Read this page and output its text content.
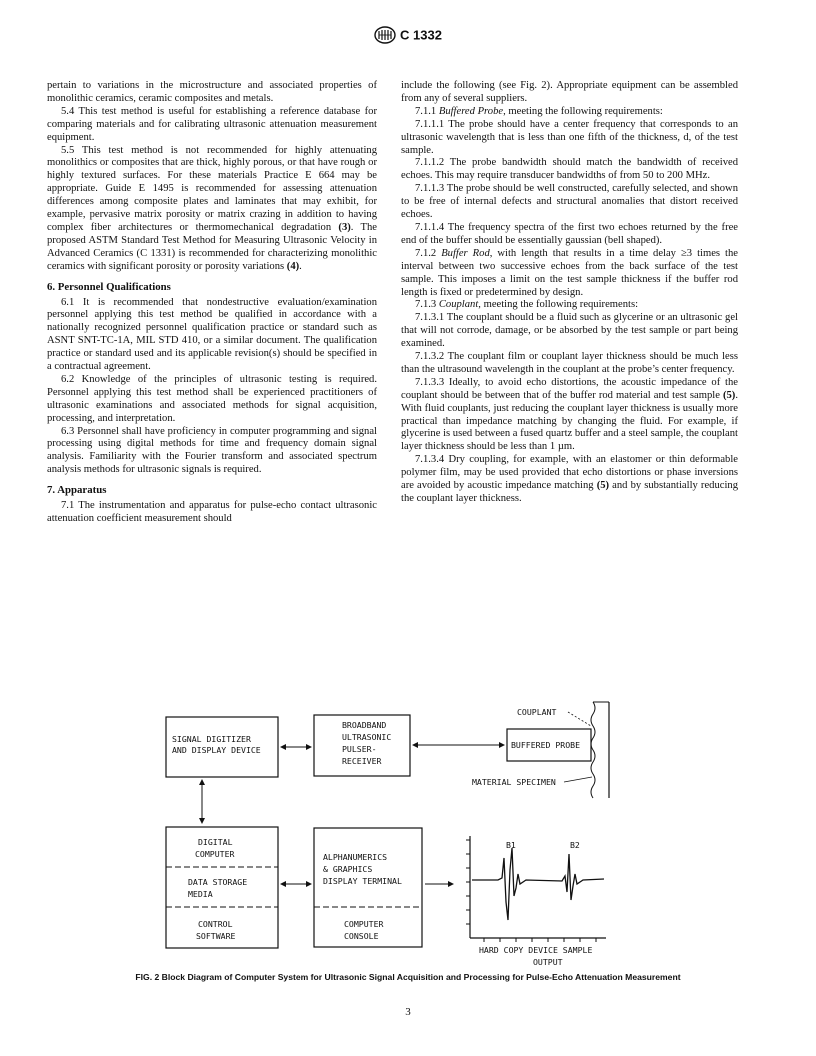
C 1332

pertain to variations in the microstructure and associated properties of monolithic ceramics, ceramic composites and metals.

5.4 This test method is useful for establishing a reference database for comparing materials and for calibrating ultrasonic attenuation measurement equipment.

5.5 This test method is not recommended for highly attenuating monolithics or composites that are thick, highly porous, or that have rough or highly textured surfaces. For these materials Practice E 664 may be appropriate. Guide E 1495 is recommended for assessing attenuation differences among composite plates and laminates that may exhibit, for example, pervasive matrix porosity or matrix crazing in addition to having complex fiber architectures or thermomechanical degradation (3). The proposed ASTM Standard Test Method for Measuring Ultrasonic Velocity in Advanced Ceramics (C 1331) is recommended for characterizing monolithic ceramics with significant porosity or porosity variations (4).

6. Personnel Qualifications

6.1 It is recommended that nondestructive evaluation/examination personnel applying this test method be qualified in accordance with a nationally recognized personnel qualification practice or standard such as ASNT SNT-TC-1A, MIL STD 410, or a similar document. The qualification practice or standard used and its applicable revision(s) should be specified in a contractual agreement.

6.2 Knowledge of the principles of ultrasonic testing is required. Personnel applying this test method shall be experienced practitioners of ultrasonic examinations and associated methods for signal acquisition, processing, and interpretation.

6.3 Personnel shall have proficiency in computer programming and signal processing using digital methods for time and frequency domain signal analysis. Familiarity with the Fourier transform and associated spectrum analysis methods for ultrasonic signals is required.

7. Apparatus

7.1 The instrumentation and apparatus for pulse-echo contact ultrasonic attenuation coefficient measurement should

include the following (see Fig. 2). Appropriate equipment can be assembled from any of several suppliers.

7.1.1 Buffered Probe, meeting the following requirements:

7.1.1.1 The probe should have a center frequency that corresponds to an ultrasonic wavelength that is less than one fifth of the thickness, d, of the test sample.

7.1.1.2 The probe bandwidth should match the bandwidth of received echoes. This may require transducer bandwidths of from 50 to 200 MHz.

7.1.1.3 The probe should be well constructed, carefully selected, and shown to be free of internal defects and structural anomalies that distort received echoes.

7.1.1.4 The frequency spectra of the first two echoes returned by the free end of the buffer should be essentially gaussian (bell shaped).

7.1.2 Buffer Rod, with length that results in a time delay ≥3 times the interval between two successive echoes from the back surface of the test sample. This imposes a limit on the test sample thickness if the buffer rod length is fixed or predetermined by design.

7.1.3 Couplant, meeting the following requirements:

7.1.3.1 The couplant should be a fluid such as glycerine or an ultrasonic gel that will not corrode, damage, or be absorbed by the test sample or part being examined.

7.1.3.2 The couplant film or couplant layer thickness should be much less than the ultrasound wavelength in the couplant at the probe’s center frequency.

7.1.3.3 Ideally, to avoid echo distortions, the acoustic impedance of the couplant should be between that of the buffer rod material and test sample (5). With fluid couplants, just reducing the couplant layer thickness is usually more practical than impedance matching by changing the fluid. For example, if glycerine is used between a fused quartz buffer and a steel sample, the couplant layer thickness should be less than 1 µm.

7.1.3.4 Dry coupling, for example, with an elastomer or thin deformable polymer film, may be used provided that echo distortions or phase inversions are avoided by acoustic impedance matching (5) and by substantially reducing the couplant layer thickness.

SIGNAL DIGITIZER
AND DISPLAY DEVICE
BROADBAND
ULTRASONIC
PULSER-
RECEIVER
BUFFERED PROBE
COUPLANT
MATERIAL SPECIMEN
DIGITAL
COMPUTER
DATA STORAGE
MEDIA
CONTROL
SOFTWARE
ALPHANUMERICS
& GRAPHICS
DISPLAY TERMINAL
COMPUTER
CONSOLE
B1	B2
HARD COPY DEVICE SAMPLE
OUTPUT
FIG. 2 Block Diagram of Computer System for Ultrasonic Signal Acquisition and Processing for Pulse-Echo Attenuation Measurement
3
